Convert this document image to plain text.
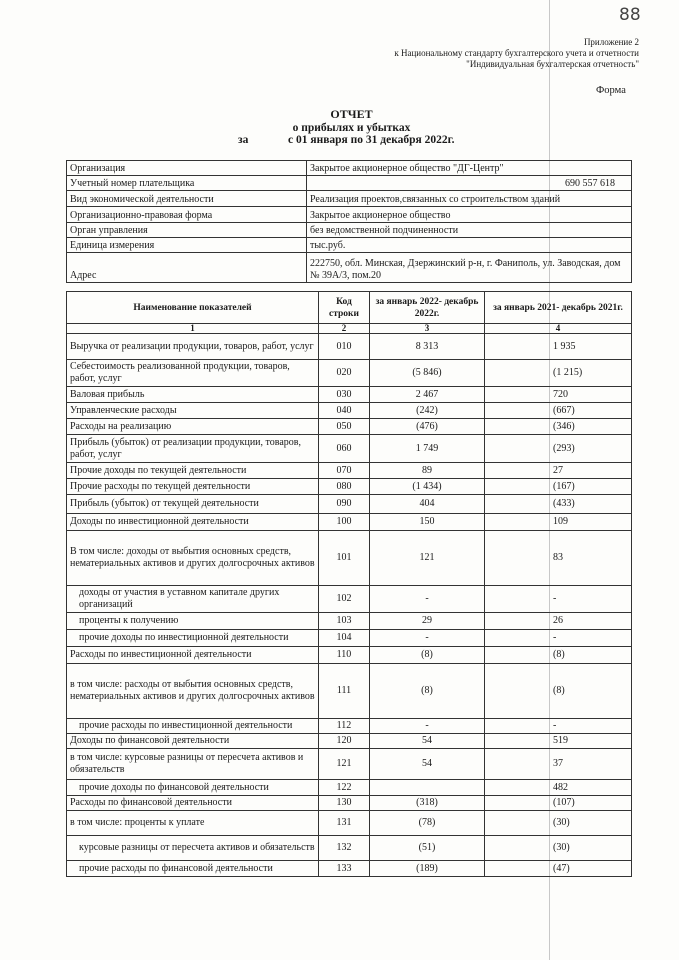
88
Приложение 2
к Национальному стандарту бухгалтерского учета и отчетности
"Индивидуальная бухгалтерская отчетность"
Форма
ОТЧЕТ
о прибылях и убытках
за	с 01 января по 31 декабря 2022г.
Организация	Закрытое акционерное общество "ДГ-Центр"
Учетный номер плательщика	690 557 618
Вид экономической деятельности	Реализация проектов,связанных со строительством зданий
Организационно-правовая форма	Закрытое акционерное общество
Орган управления	без ведомственной подчиненности
Единица измерения	тыс.руб.
Адрес	222750, обл. Минская, Дзержинский р-н, г. Фаниполь, ул. Заводская, дом № 39А/3, пом.20
Наименование показателей	Код строки	за январь 2022- декабрь 2022г.	за январь 2021- декабрь 2021г.
1	2	3	4
Выручка от реализации продукции, товаров, работ, услуг	010	8 313	1 935
Себестоимость реализованной продукции, товаров, работ, услуг	020	(5 846)	(1 215)
Валовая прибыль	030	2 467	720
Управленческие расходы	040	(242)	(667)
Расходы на реализацию	050	(476)	(346)
Прибыль (убыток) от реализации продукции, товаров, работ, услуг	060	1 749	(293)
Прочие доходы по текущей деятельности	070	89	27
Прочие расходы по текущей деятельности	080	(1 434)	(167)
Прибыль (убыток) от текущей деятельности	090	404	(433)
Доходы по инвестиционной деятельности	100	150	109
В том числе: доходы от выбытия основных средств, нематериальных активов и других долгосрочных активов	101	121	83
доходы от участия в уставном капитале других организаций	102	-	-
проценты к получению	103	29	26
прочие доходы по инвестиционной деятельности	104	-	-
Расходы по инвестиционной деятельности	110	(8)	(8)
в том числе: расходы от выбытия основных средств, нематериальных активов и других долгосрочных активов	111	(8)	(8)
прочие расходы по инвестиционной деятельности	112	-	-
Доходы по финансовой деятельности	120	54	519
в том числе: курсовые разницы от пересчета активов и обязательств	121	54	37
прочие доходы по финансовой деятельности	122		482
Расходы по финансовой деятельности	130	(318)	(107)
в том числе: проценты к уплате	131	(78)	(30)
курсовые разницы от пересчета активов и обязательств	132	(51)	(30)
прочие расходы по финансовой деятельности	133	(189)	(47)
